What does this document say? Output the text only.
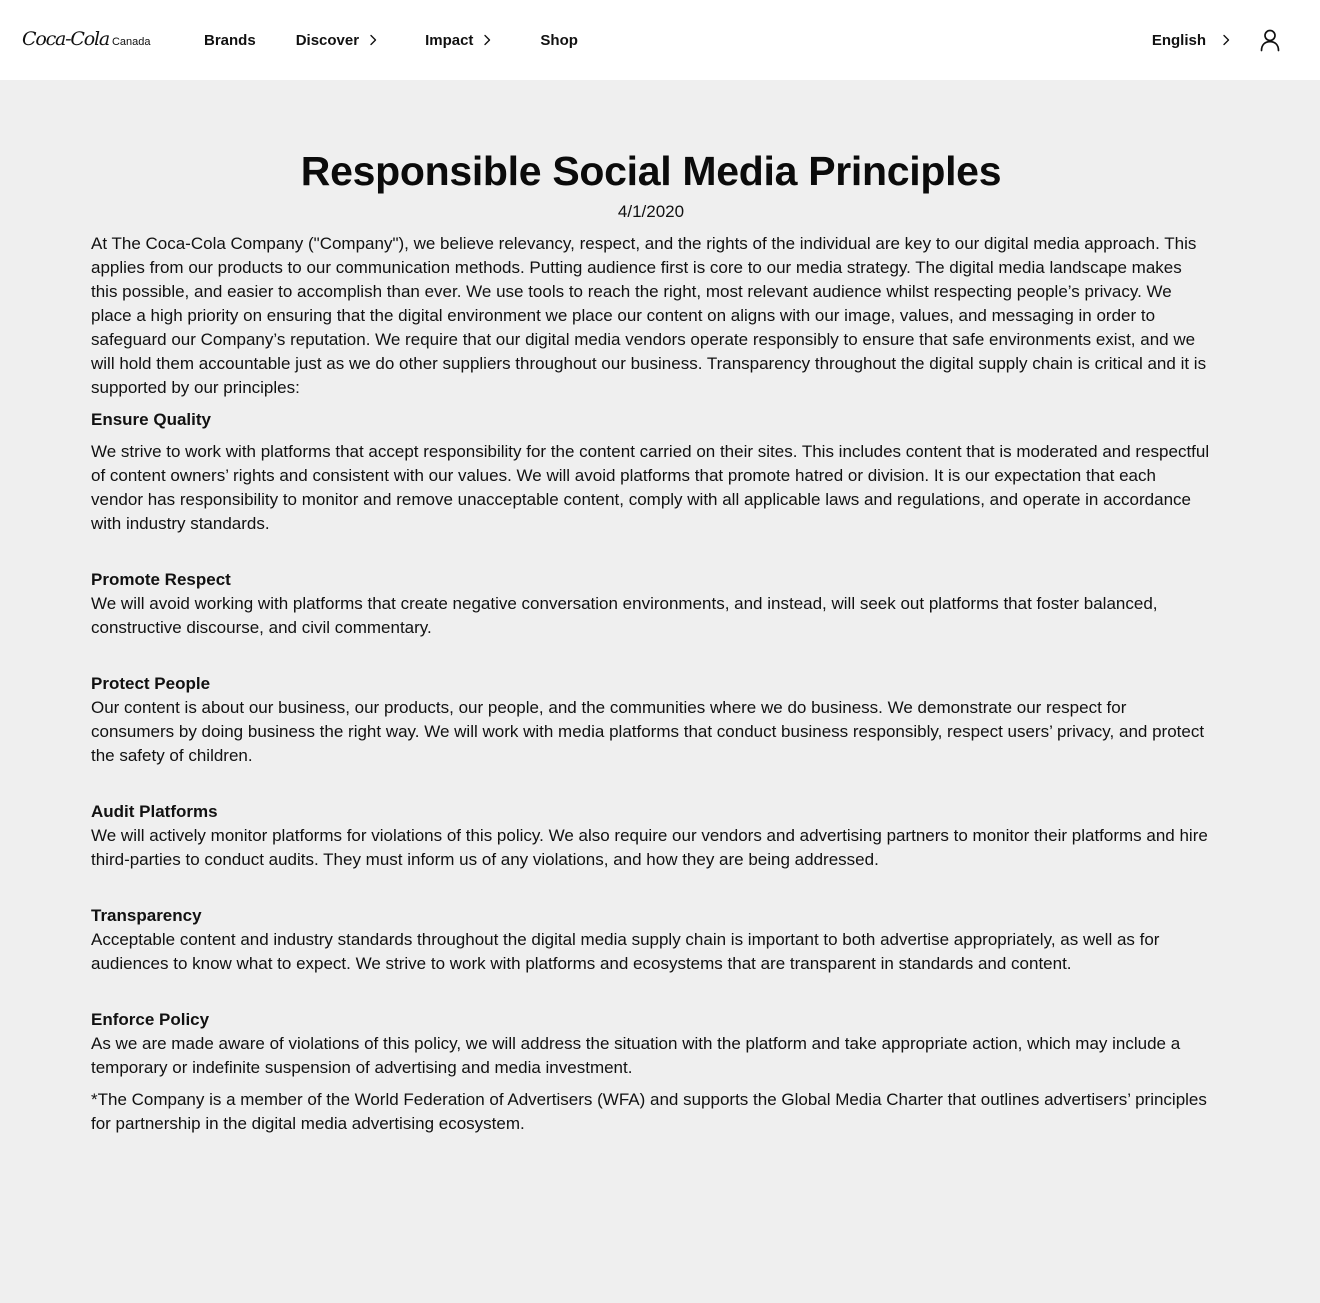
Coca-Cola Canada	Brands	Discover	Impact	Shop	English
Responsible Social Media Principles
4/1/2020

At The Coca-Cola Company ("Company"), we believe relevancy, respect, and the rights of the individual are key to our digital media approach. This applies from our products to our communication methods. Putting audience first is core to our media strategy. The digital media landscape makes this possible, and easier to accomplish than ever. We use tools to reach the right, most relevant audience whilst respecting people’s privacy. We place a high priority on ensuring that the digital environment we place our content on aligns with our image, values, and messaging in order to safeguard our Company’s reputation. We require that our digital media vendors operate responsibly to ensure that safe environments exist, and we will hold them accountable just as we do other suppliers throughout our business. Transparency throughout the digital supply chain is critical and it is supported by our principles:

Ensure Quality

We strive to work with platforms that accept responsibility for the content carried on their sites. This includes content that is moderated and respectful of content owners’ rights and consistent with our values. We will avoid platforms that promote hatred or division. It is our expectation that each vendor has responsibility to monitor and remove unacceptable content, comply with all applicable laws and regulations, and operate in accordance with industry standards.

Promote Respect

We will avoid working with platforms that create negative conversation environments, and instead, will seek out platforms that foster balanced, constructive discourse, and civil commentary.

Protect People

Our content is about our business, our products, our people, and the communities where we do business. We demonstrate our respect for consumers by doing business the right way. We will work with media platforms that conduct business responsibly, respect users’ privacy, and protect the safety of children.

Audit Platforms

We will actively monitor platforms for violations of this policy. We also require our vendors and advertising partners to monitor their platforms and hire third-parties to conduct audits. They must inform us of any violations, and how they are being addressed.

Transparency

Acceptable content and industry standards throughout the digital media supply chain is important to both advertise appropriately, as well as for audiences to know what to expect. We strive to work with platforms and ecosystems that are transparent in standards and content.

Enforce Policy

As we are made aware of violations of this policy, we will address the situation with the platform and take appropriate action, which may include a temporary or indefinite suspension of advertising and media investment.

*The Company is a member of the World Federation of Advertisers (WFA) and supports the Global Media Charter that outlines advertisers’ principles for partnership in the digital media advertising ecosystem.
